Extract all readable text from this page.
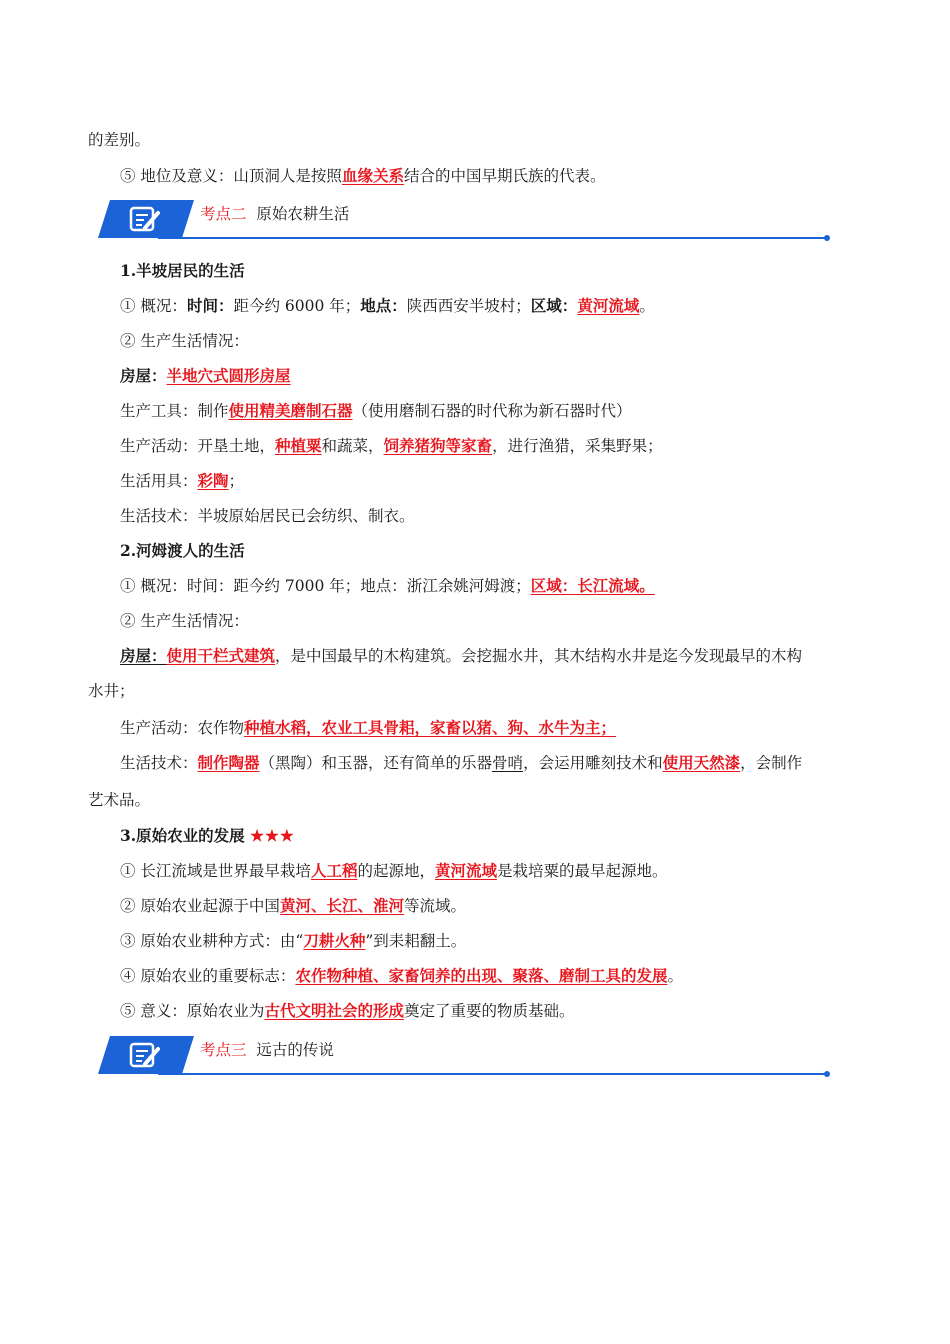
的差别。
⑤ 地位及意义：山顶洞人是按照血缘关系结合的中国早期氏族的代表。
考点二 原始农耕生活
1.半坡居民的生活
① 概况：时间：距今约 6000 年；地点：陕西西安半坡村；区域：黄河流域。
② 生产生活情况：
房屋：半地穴式圆形房屋
生产工具：制作使用精美磨制石器（使用磨制石器的时代称为新石器时代）
生产活动：开垦土地，种植粟和蔬菜，饲养猪狗等家畜，进行渔猎，采集野果；
生活用具：彩陶；
生活技术：半坡原始居民已会纺织、制衣。
2.河姆渡人的生活
① 概况：时间：距今约 7000 年；地点：浙江余姚河姆渡；区域：长江流域。
② 生产生活情况：
房屋：使用干栏式建筑，是中国最早的木构建筑。会挖掘水井，其木结构水井是迄今发现最早的木构
水井；
生产活动：农作物种植水稻，农业工具骨耜，家畜以猪、狗、水牛为主；
生活技术：制作陶器（黑陶）和玉器，还有简单的乐器骨哨，会运用雕刻技术和使用天然漆，会制作
艺术品。
3.原始农业的发展 ★★★
① 长江流域是世界最早栽培人工稻的起源地，黄河流域是栽培粟的最早起源地。
② 原始农业起源于中国黄河、长江、淮河等流域。
③ 原始农业耕种方式：由“刀耕火种”到耒耜翻土。
④ 原始农业的重要标志：农作物种植、家畜饲养的出现、聚落、磨制工具的发展。
⑤ 意义：原始农业为古代文明社会的形成奠定了重要的物质基础。
考点三 远古的传说
